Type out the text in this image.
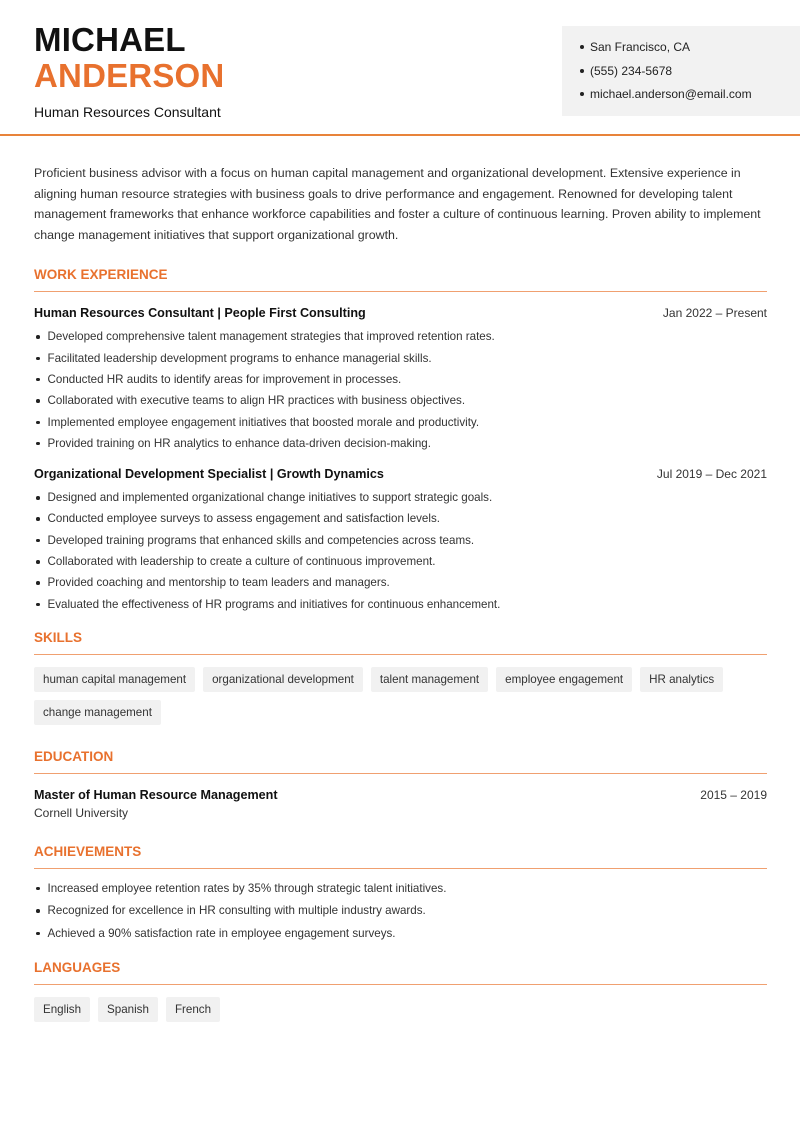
MICHAEL
ANDERSON
Human Resources Consultant
San Francisco, CA
(555) 234-5678
michael.anderson@email.com
Proficient business advisor with a focus on human capital management and organizational development. Extensive experience in aligning human resource strategies with business goals to drive performance and engagement. Renowned for developing talent management frameworks that enhance workforce capabilities and foster a culture of continuous learning. Proven ability to implement change management initiatives that support organizational growth.
WORK EXPERIENCE
Human Resources Consultant | People First Consulting	Jan 2022 – Present
Developed comprehensive talent management strategies that improved retention rates.
Facilitated leadership development programs to enhance managerial skills.
Conducted HR audits to identify areas for improvement in processes.
Collaborated with executive teams to align HR practices with business objectives.
Implemented employee engagement initiatives that boosted morale and productivity.
Provided training on HR analytics to enhance data-driven decision-making.
Organizational Development Specialist | Growth Dynamics	Jul 2019 – Dec 2021
Designed and implemented organizational change initiatives to support strategic goals.
Conducted employee surveys to assess engagement and satisfaction levels.
Developed training programs that enhanced skills and competencies across teams.
Collaborated with leadership to create a culture of continuous improvement.
Provided coaching and mentorship to team leaders and managers.
Evaluated the effectiveness of HR programs and initiatives for continuous enhancement.
SKILLS
human capital management	organizational development	talent management	employee engagement	HR analytics
change management
EDUCATION
Master of Human Resource Management	2015 – 2019
Cornell University
ACHIEVEMENTS
Increased employee retention rates by 35% through strategic talent initiatives.
Recognized for excellence in HR consulting with multiple industry awards.
Achieved a 90% satisfaction rate in employee engagement surveys.
LANGUAGES
English	Spanish	French
